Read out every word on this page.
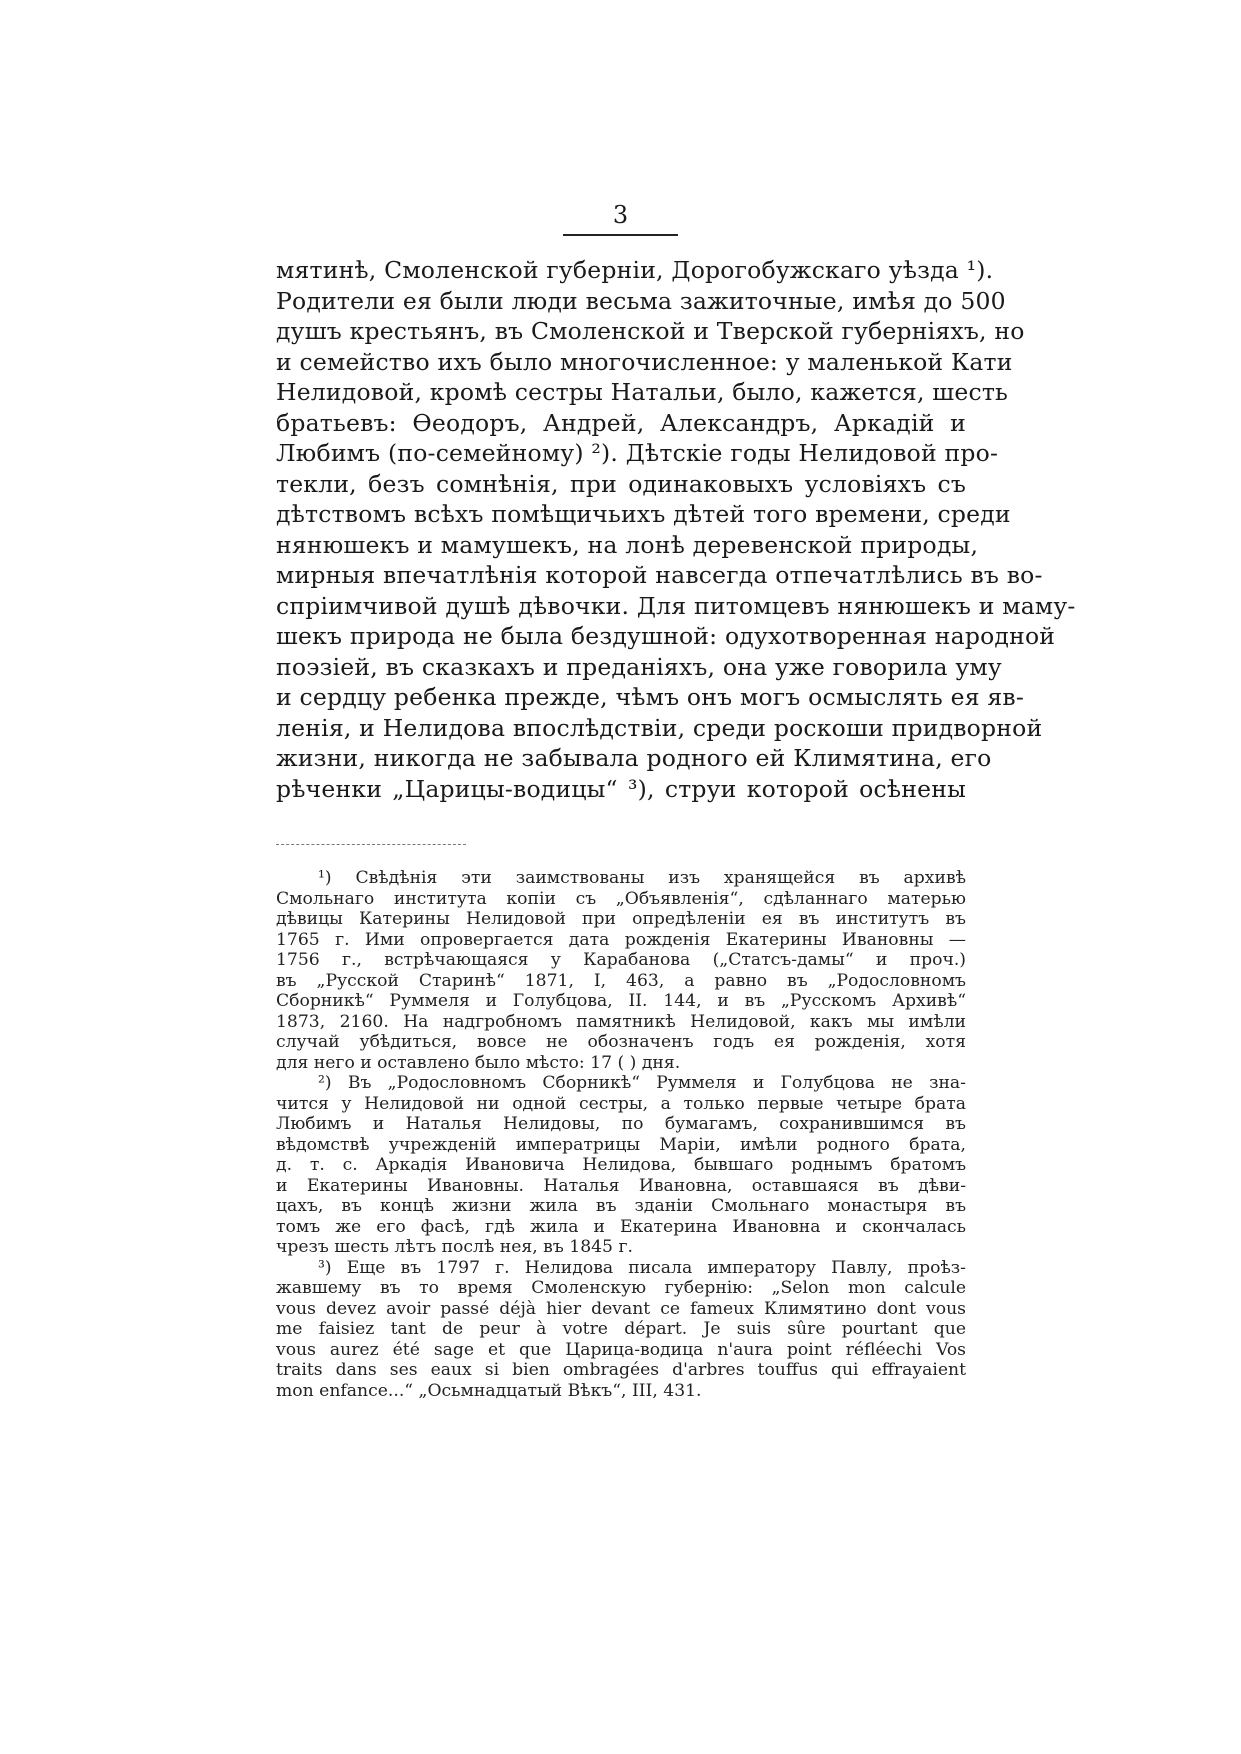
3
мятинѣ, Смоленской губерніи, Дорогобужскаго уѣзда ¹).
Родители ея были люди весьма зажиточные, имѣя до 500
душъ крестьянъ, въ Смоленской и Тверской губерніяхъ, но
и семейство ихъ было многочисленное: у маленькой Кати
Нелидовой, кромѣ сестры Натальи, было, кажется, шесть
братьевъ: Ѳеодоръ, Андрей, Александръ, Аркадій и
Любимъ (по-семейному) ²). Дѣтскіе годы Нелидовой про-
текли, безъ сомнѣнія, при одинаковыхъ условіяхъ съ
дѣтствомъ всѣхъ помѣщичьихъ дѣтей того времени, среди
нянюшекъ и мамушекъ, на лонѣ деревенской природы,
мирныя впечатлѣнія которой навсегда отпечатлѣлись въ во-
спріимчивой душѣ дѣвочки. Для питомцевъ нянюшекъ и маму-
шекъ природа не была бездушной: одухотворенная народной
поэзіей, въ сказкахъ и преданіяхъ, она уже говорила уму
и сердцу ребенка прежде, чѣмъ онъ могъ осмыслять ея яв-
ленія, и Нелидова впослѣдствіи, среди роскоши придворной
жизни, никогда не забывала родного ей Климятина, его
рѣченки „Царицы-водицы“ ³), струи которой осѣнены
¹) Свѣдѣнія эти заимствованы изъ хранящейся въ архивѣ
Смольнаго института копіи съ „Объявленія“, сдѣланнаго матерью
дѣвицы Катерины Нелидовой при опредѣленіи ея въ институтъ въ
1765 г. Ими опровергается дата рожденія Екатерины Ивановны —
1756 г., встрѣчающаяся у Карабанова („Статсъ-дамы“ и проч.)
въ „Русской Старинѣ“ 1871, I, 463, а равно въ „Родословномъ
Сборникѣ“ Руммеля и Голубцова, II. 144, и въ „Русскомъ Архивѣ“
1873, 2160. На надгробномъ памятникѣ Нелидовой, какъ мы имѣли
случай убѣдиться, вовсе не обозначенъ годъ ея рожденія, хотя
для него и оставлено было мѣсто: 17 ( ) дня.
²) Въ „Родословномъ Сборникѣ“ Руммеля и Голубцова не зна-
чится у Нелидовой ни одной сестры, а только первые четыре брата
Любимъ и Наталья Нелидовы, по бумагамъ, сохранившимся въ
вѣдомствѣ учрежденій императрицы Маріи, имѣли родного брата,
д. т. с. Аркадія Ивановича Нелидова, бывшаго роднымъ братомъ
и Екатерины Ивановны. Наталья Ивановна, оставшаяся въ дѣви-
цахъ, въ концѣ жизни жила въ зданіи Смольнаго монастыря въ
томъ же его фасѣ, гдѣ жила и Екатерина Ивановна и скончалась
чрезъ шесть лѣтъ послѣ нея, въ 1845 г.
³) Еще въ 1797 г. Нелидова писала императору Павлу, проѣз-
жавшему въ то время Смоленскую губернію: „Selon mon calcule
vous devez avoir passé déjà hier devant ce fameux Климятино dont vous
me faisiez tant de peur à votre départ. Je suis sûre pourtant que
vous aurez été sage et que Царица-водица n'aura point réfléechi Vos
traits dans ses eaux si bien ombragées d'arbres touffus qui effrayaient
mon enfance...“ „Осьмнадцатый Вѣкъ“, III, 431.
